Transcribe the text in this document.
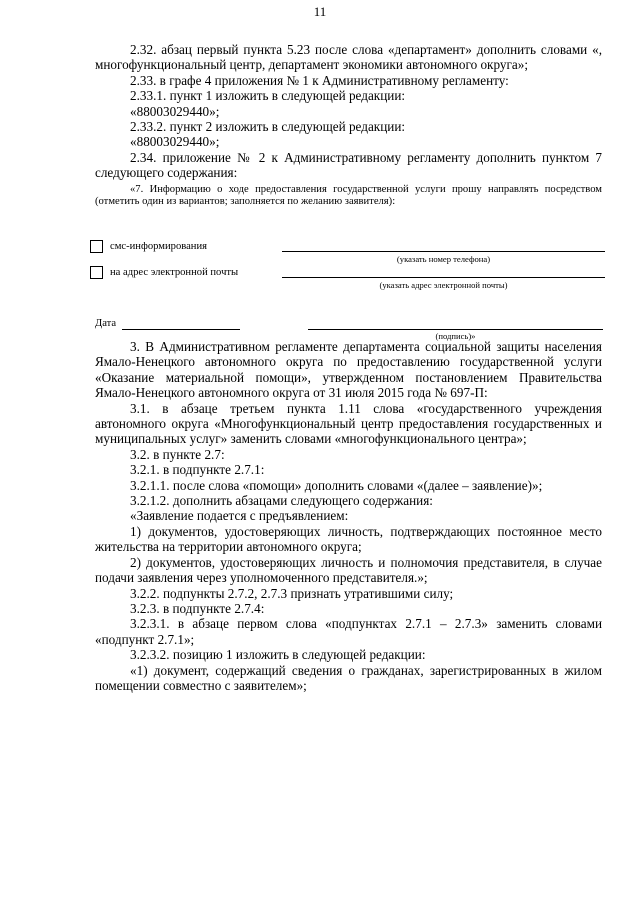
11

2.32. абзац первый пункта 5.23 после слова «департамент» дополнить словами «, многофункциональный центр, департамент экономики автономного округа»;

2.33. в графе 4 приложения № 1 к Административному регламенту:

2.33.1. пункт 1 изложить в следующей редакции:

«88003029440»;

2.33.2. пункт 2 изложить в следующей редакции:

«88003029440»;

2.34. приложение № 2 к Административному регламенту дополнить пунктом 7 следующего содержания:

«7. Информацию о ходе предоставления государственной услуги прошу направлять посредством (отметить один из вариантов; заполняется по желанию заявителя):

смс-информирования
(указать номер телефона)
на адрес электронной почты
(указать адрес электронной почты)
Дата
(подпись)»

3. В Административном регламенте департамента социальной защиты населения Ямало-Ненецкого автономного округа по предоставлению государственной услуги «Оказание материальной помощи», утвержденном постановлением Правительства Ямало-Ненецкого автономного округа от 31 июля 2015 года № 697-П:

3.1. в абзаце третьем пункта 1.11 слова «государственного учреждения автономного округа «Многофункциональный центр предоставления государственных и муниципальных услуг» заменить словами «многофункционального центра»;

3.2. в пункте 2.7:

3.2.1. в подпункте 2.7.1:

3.2.1.1. после слова «помощи» дополнить словами «(далее – заявление)»;

3.2.1.2. дополнить абзацами следующего содержания:

«Заявление подается с предъявлением:

1) документов, удостоверяющих личность, подтверждающих постоянное место жительства на территории автономного округа;

2) документов, удостоверяющих личность и полномочия представителя, в случае подачи заявления через уполномоченного представителя.»;

3.2.2. подпункты 2.7.2, 2.7.3 признать утратившими силу;

3.2.3. в подпункте 2.7.4:

3.2.3.1. в абзаце первом слова «подпунктах 2.7.1 – 2.7.3» заменить словами «подпункт 2.7.1»;

3.2.3.2. позицию 1 изложить в следующей редакции:

«1) документ, содержащий сведения о гражданах, зарегистрированных в жилом помещении совместно с заявителем»;
